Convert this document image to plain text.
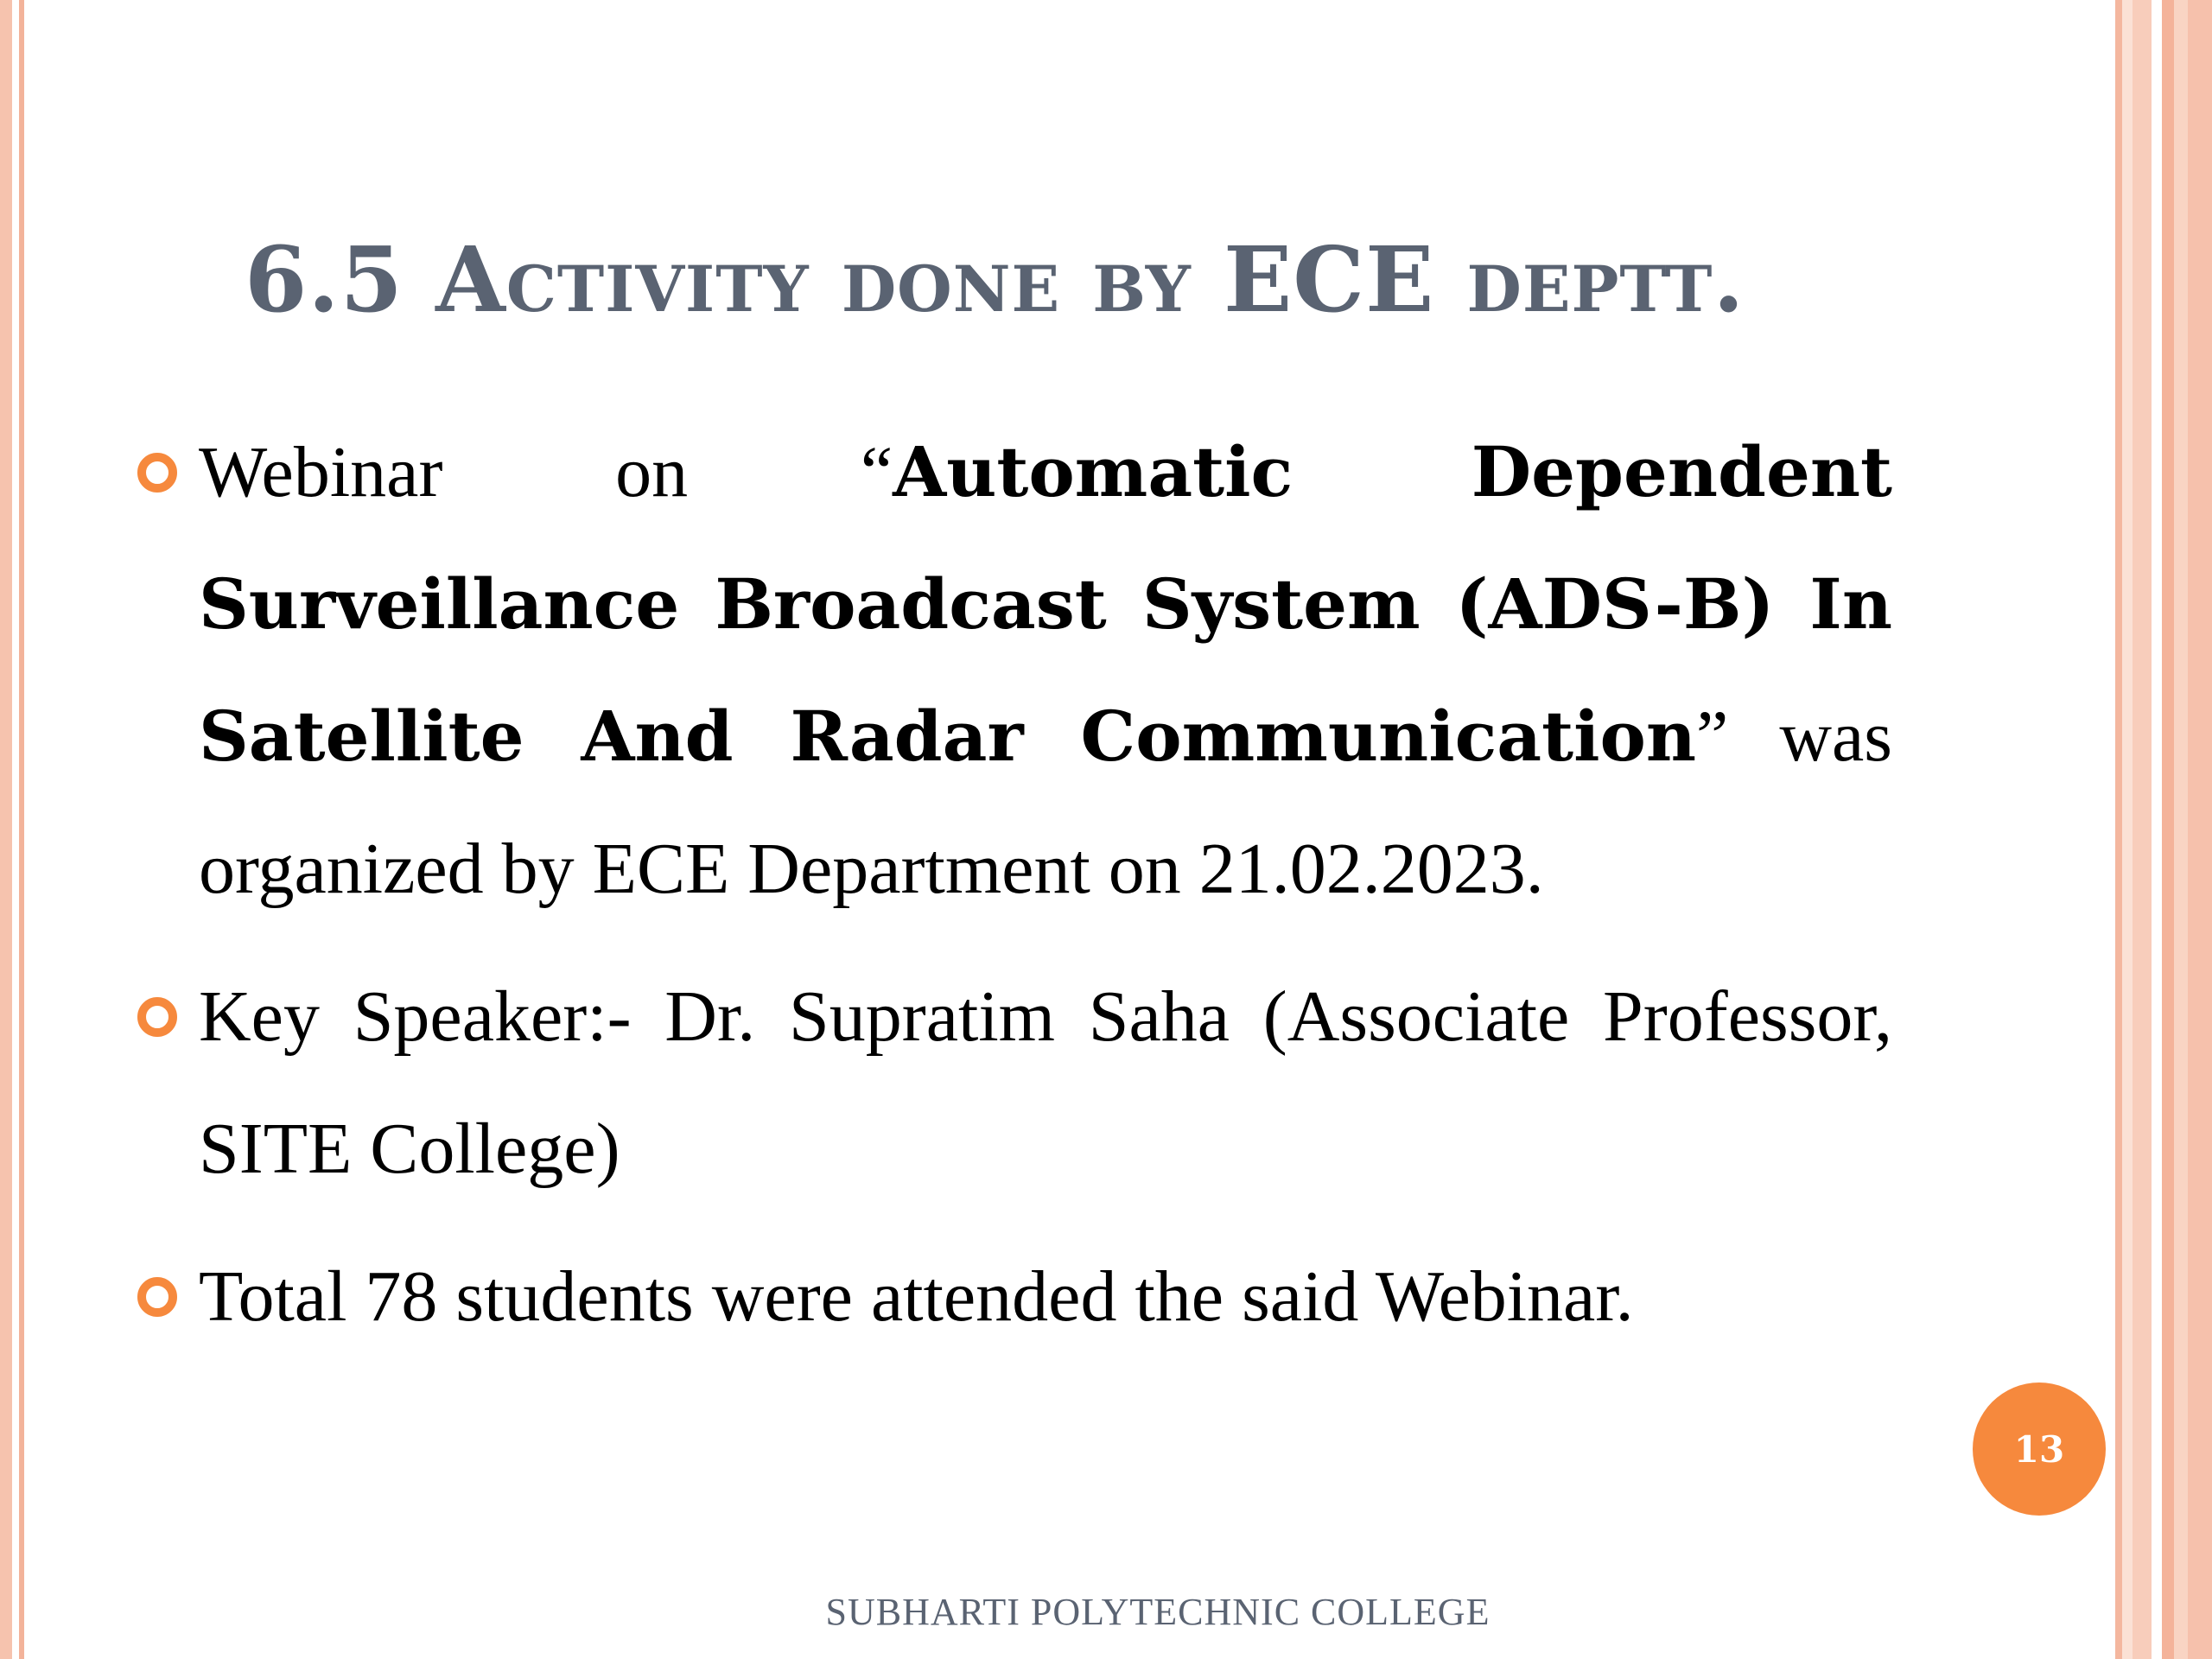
6.5 Activity done by ECE deptt.
Webinar on “Automatic Dependent Surveillance Broadcast System (ADS-B) In Satellite And Radar Communication” was organized by ECE Department on 21.02.2023.
Key Speaker:- Dr. Supratim Saha (Associate Professor, SITE College)
Total 78 students were attended the said Webinar.
13
SUBHARTI POLYTECHNIC COLLEGE
